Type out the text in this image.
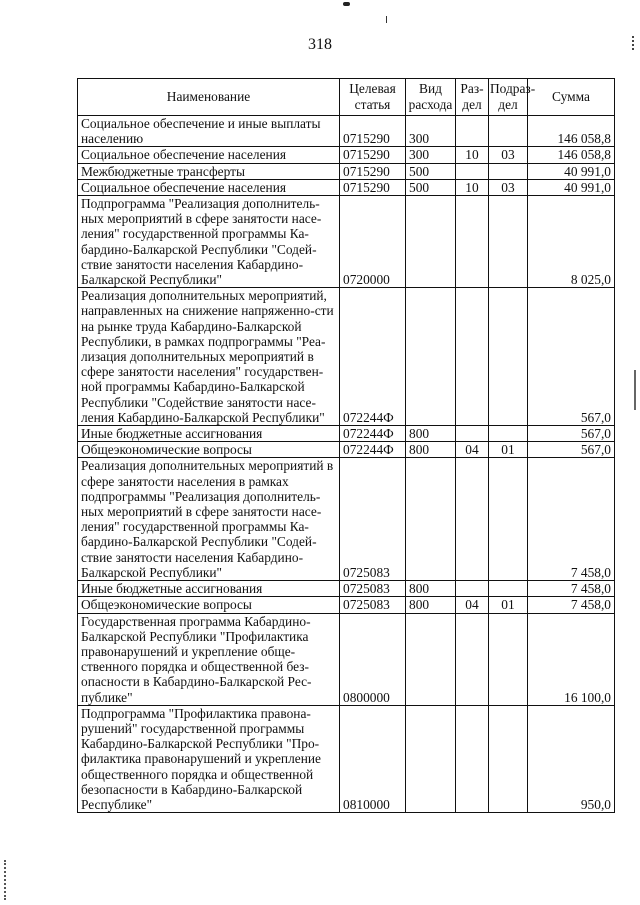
318
Наименование	Целевая статья	Вид расхода	Раз- дел	Подраз- дел	Сумма
Социальное обеспечение и иные выплаты населению	0715290	300			146 058,8
Социальное обеспечение населения	0715290	300	10	03	146 058,8
Межбюджетные трансферты	0715290	500			40 991,0
Социальное обеспечение населения	0715290	500	10	03	40 991,0
Подпрограмма "Реализация дополнитель-ных мероприятий в сфере занятости насе-ления" государственной программы Ка-бардино-Балкарской Республики "Содей-ствие занятости населения Кабардино-Балкарской Республики"	0720000				8 025,0
Реализация дополнительных мероприятий, направленных на снижение напряженно-сти на рынке труда Кабардино-Балкарской Республики, в рамках подпрограммы "Реа-лизация дополнительных мероприятий в сфере занятости населения" государствен-ной программы Кабардино-Балкарской Республики "Содействие занятости насе-ления Кабардино-Балкарской Республики"	072244Ф				567,0
Иные бюджетные ассигнования	072244Ф	800			567,0
Общеэкономические вопросы	072244Ф	800	04	01	567,0
Реализация дополнительных мероприятий в сфере занятости населения в рамках подпрограммы "Реализация дополнитель-ных мероприятий в сфере занятости насе-ления" государственной программы Ка-бардино-Балкарской Республики "Содей-ствие занятости населения Кабардино-Балкарской Республики"	0725083				7 458,0
Иные бюджетные ассигнования	0725083	800			7 458,0
Общеэкономические вопросы	0725083	800	04	01	7 458,0
Государственная программа Кабардино-Балкарской Республики "Профилактика правонарушений и укрепление обще-ственного порядка и общественной без-опасности в Кабардино-Балкарской Рес-публике"	0800000				16 100,0
Подпрограмма "Профилактика правона-рушений" государственной программы Кабардино-Балкарской Республики "Про-филактика правонарушений и укрепление общественного порядка и общественной безопасности в Кабардино-Балкарской Республике"	0810000				950,0
